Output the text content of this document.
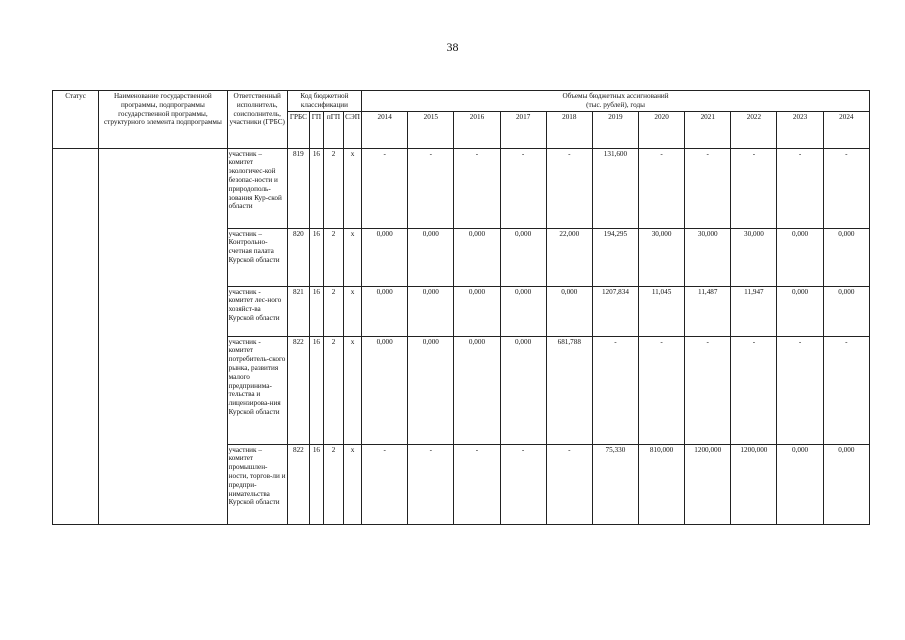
38
Статус	Наименование государственной программы, подпрограммы государственной программы, структурного элемента подпрограммы	Ответственный исполнитель, соисполнитель, участники (ГРБС)	Код бюджетной классификации				Объемы бюджетных ассигнований
(тыс. рублей), годы										

			ГРБС	ГП	пГП	СЭП	2014	2015	2016	2017	2018	2019	2020	2021	2022	2023	2024
		участник – комитет экологичес-кой безопас-ности и природополь-зования Кур-ской области	819	16	2	х	-	-	-	-	-	131,600	-	-	-	-	-
		участник – Контрольно-счетная палата Курской области	820	16	2	х	0,000	0,000	0,000	0,000	22,000	194,295	30,000	30,000	30,000	0,000	0,000
		участник - комитет лес-ного хозяйст-ва Курской области	821	16	2	х	0,000	0,000	0,000	0,000	0,000	1207,834	11,045	11,487	11,947	0,000	0,000
		участник - комитет потребитель-ского рынка, развития малого предпринима-тельства и лицензирова-ния Курской области	822	16	2	х	0,000	0,000	0,000	0,000	681,788	-	-	-	-	-	-
		участник – комитет промышлен-ности, торгов-ли и предпри-нимательства Курской области	822	16	2	х	-	-	-	-	-	75,330	810,000	1200,000	1200,000	0,000	0,000
